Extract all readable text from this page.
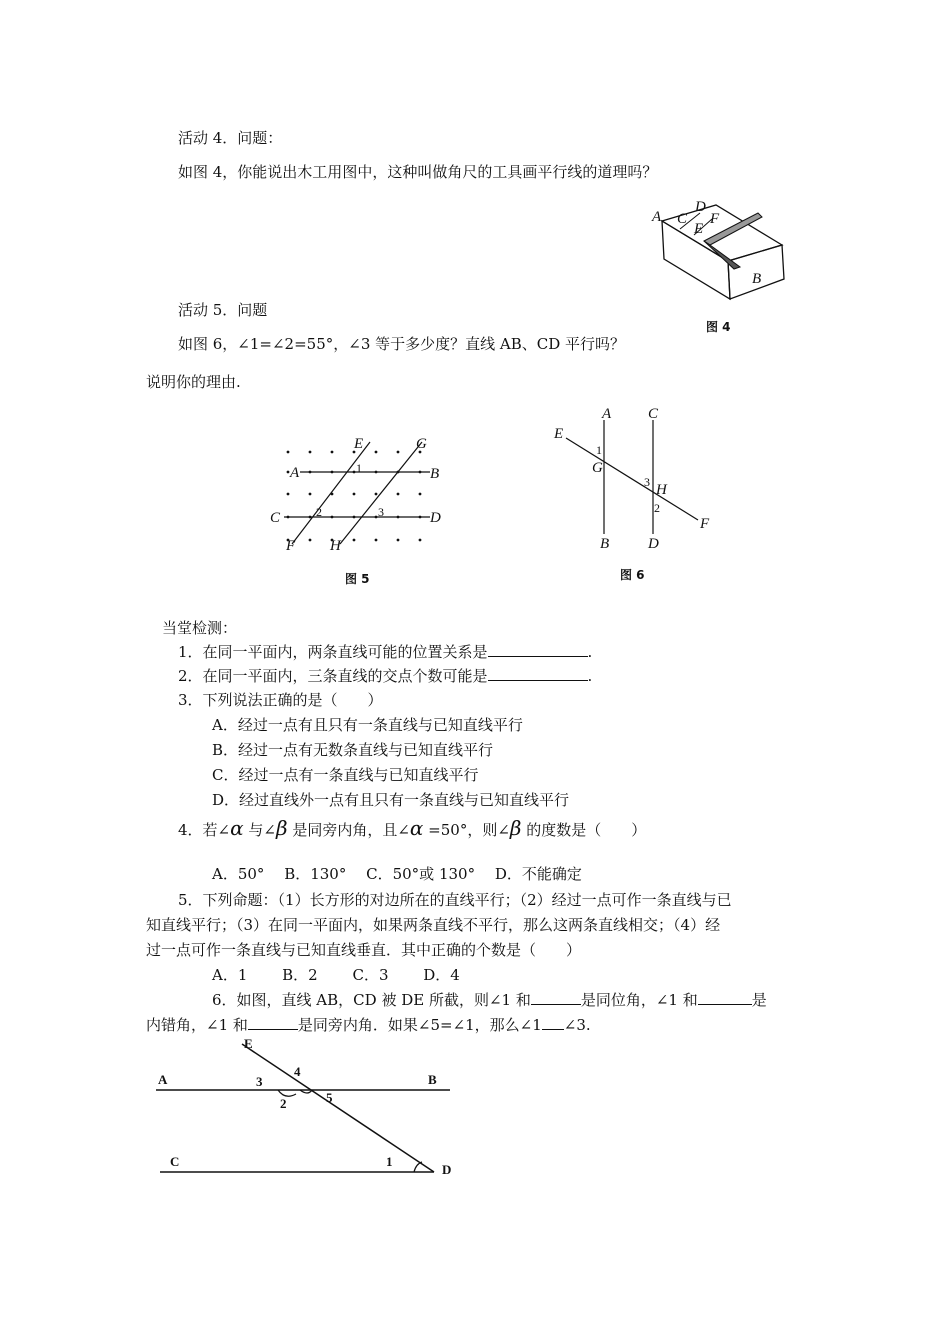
活动 4．问题：
如图 4，你能说出木工用图中，这种叫做角尺的工具画平行线的道理吗？
A C
D
E
F
B
图 4
活动 5．问题
如图 6，∠1=∠2=55°，∠3 等于多少度？直线 AB、CD 平行吗？
说明你的理由.
E	G
A	1	B
C	2	3	D
F H
图 5
A C
E
1
G
3 H
2
F
B	D
图 6
当堂检测：
1．在同一平面内，两条直线可能的位置关系是	.
2．在同一平面内，三条直线的交点个数可能是	.
3．下列说法正确的是（　　）
A．经过一点有且只有一条直线与已知直线平行
B．经过一点有无数条直线与已知直线平行
C．经过一点有一条直线与已知直线平行
D．经过直线外一点有且只有一条直线与已知直线平行
4．若∠α 与∠β 是同旁内角，且∠α =50°，则∠β 的度数是（　　）
A．50°　 B．130°　 C．50°或 130°　 D．不能确定
5．下列命题：（1）长方形的对边所在的直线平行；（2）经过一点可作一条直线与已
知直线平行；（3）在同一平面内，如果两条直线不平行，那么这两条直线相交；（4）经
过一点可作一条直线与已知直线垂直．其中正确的个数是（　　）
A．1　　 B．2　　 C．3　　 D．4
6．如图，直线 AB，CD 被 DE 所截，则∠1 和	是同位角，∠1 和	是
内错角，∠1 和	是同旁内角．如果∠5=∠1，那么∠1 ∠3.
E
A	3
4
B
2	5
C	1
D
